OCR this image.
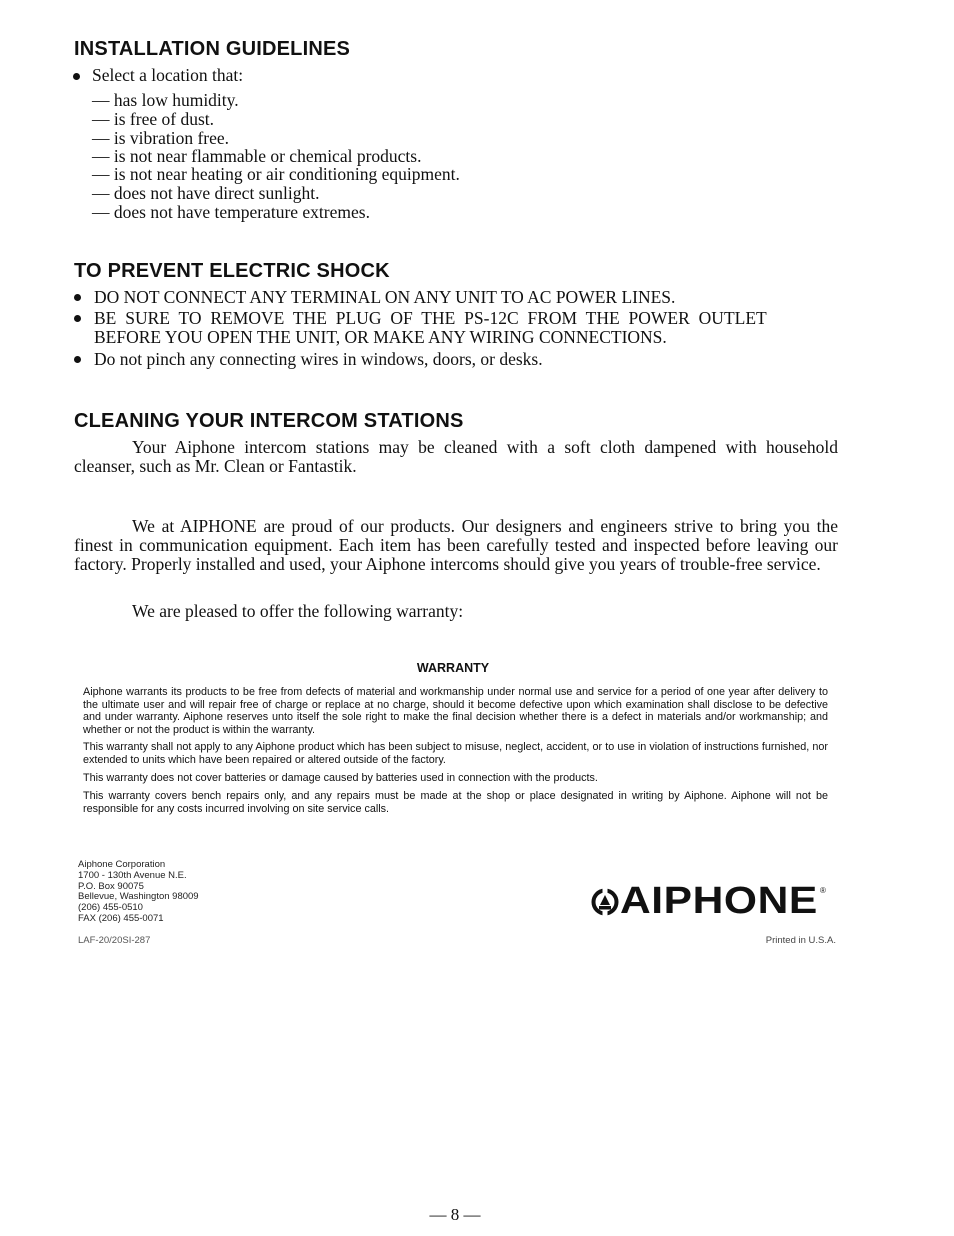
INSTALLATION GUIDELINES
Select a location that:
— has low humidity.
— is free of dust.
— is vibration free.
— is not near flammable or chemical products.
— is not near heating or air conditioning equipment.
— does not have direct sunlight.
— does not have temperature extremes.
TO PREVENT ELECTRIC SHOCK
DO NOT CONNECT ANY TERMINAL ON ANY UNIT TO AC POWER LINES.
BE SURE TO REMOVE THE PLUG OF THE PS-12C FROM THE POWER OUTLET
BEFORE YOU OPEN THE UNIT, OR MAKE ANY WIRING CONNECTIONS.
Do not pinch any connecting wires in windows, doors, or desks.
CLEANING YOUR INTERCOM STATIONS

Your Aiphone intercom stations may be cleaned with a soft cloth dampened with household cleanser, such as Mr. Clean or Fantastik.

We at AIPHONE are proud of our products. Our designers and engineers strive to bring you the finest in communication equipment. Each item has been carefully tested and inspected before leaving our factory. Properly installed and used, your Aiphone intercoms should give you years of trouble-free service.

We are pleased to offer the following warranty:

WARRANTY

Aiphone warrants its products to be free from defects of material and workmanship under normal use and service for a period of one year after delivery to the ultimate user and will repair free of charge or replace at no charge, should it become defective upon which examination shall disclose to be defective and under warranty. Aiphone reserves unto itself the sole right to make the final decision whether there is a defect in materials and/or workmanship; and whether or not the product is within the warranty.

This warranty shall not apply to any Aiphone product which has been subject to misuse, neglect, accident, or to use in violation of instructions furnished, nor extended to units which have been repaired or altered outside of the factory.

This warranty does not cover batteries or damage caused by batteries used in connection with the products.

This warranty covers bench repairs only, and any repairs must be made at the shop or place designated in writing by Aiphone. Aiphone will not be responsible for any costs incurred involving on site service calls.

Aiphone Corporation
1700 - 130th Avenue N.E.
P.O. Box 90075
Bellevue, Washington 98009
(206) 455-0510
FAX (206) 455-0071
LAF-20/20SI-287
AIPHONE ®
Printed in U.S.A.
— 8 —
